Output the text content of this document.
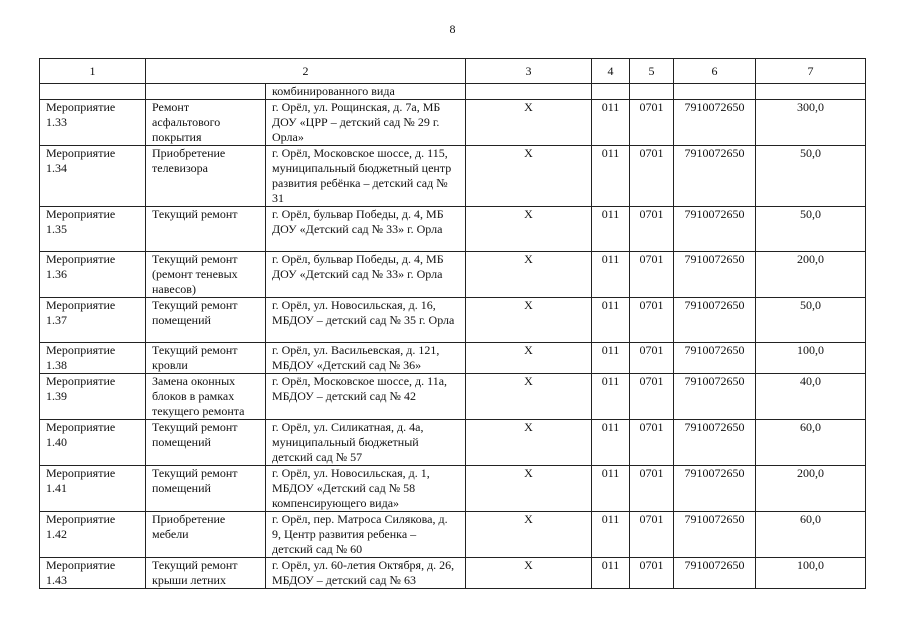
8
1	2		3	4	5	6	7
		комбинированного вида					
Мероприятие 1.33	Ремонт асфальтового покрытия	г. Орёл, ул. Рощинская, д. 7а, МБ ДОУ «ЦРР – детский сад № 29 г. Орла»	Х	011	0701	7910072650	300,0
Мероприятие 1.34	Приобретение телевизора	г. Орёл, Московское шоссе, д. 115, муниципальный бюджетный центр развития ребёнка – детский сад № 31	Х	011	0701	7910072650	50,0
Мероприятие 1.35	Текущий ремонт	г. Орёл, бульвар Победы, д. 4, МБ ДОУ «Детский сад № 33» г. Орла	Х	011	0701	7910072650	50,0
Мероприятие 1.36	Текущий ремонт (ремонт теневых навесов)	г. Орёл, бульвар Победы, д. 4, МБ ДОУ «Детский сад № 33» г. Орла	Х	011	0701	7910072650	200,0
Мероприятие 1.37	Текущий ремонт помещений	г. Орёл, ул. Новосильская, д. 16, МБДОУ – детский сад № 35 г. Орла	Х	011	0701	7910072650	50,0
Мероприятие 1.38	Текущий ремонт кровли	г. Орёл, ул. Васильевская, д. 121, МБДОУ «Детский сад № 36»	Х	011	0701	7910072650	100,0
Мероприятие 1.39	Замена оконных блоков в рамках текущего ремонта	г. Орёл, Московское шоссе, д. 11а, МБДОУ – детский сад № 42	Х	011	0701	7910072650	40,0
Мероприятие 1.40	Текущий ремонт помещений	г. Орёл, ул. Силикатная, д. 4а, муниципальный бюджетный детский сад № 57	Х	011	0701	7910072650	60,0
Мероприятие 1.41	Текущий ремонт помещений	г. Орёл, ул. Новосильская, д. 1, МБДОУ «Детский сад № 58 компенсирующего вида»	Х	011	0701	7910072650	200,0
Мероприятие 1.42	Приобретение мебели	г. Орёл, пер. Матроса Силякова, д. 9, Центр развития ребенка – детский сад № 60	Х	011	0701	7910072650	60,0
Мероприятие 1.43	Текущий ремонт крыши летних	г. Орёл, ул. 60-летия Октября, д. 26, МБДОУ – детский сад № 63	Х	011	0701	7910072650	100,0
